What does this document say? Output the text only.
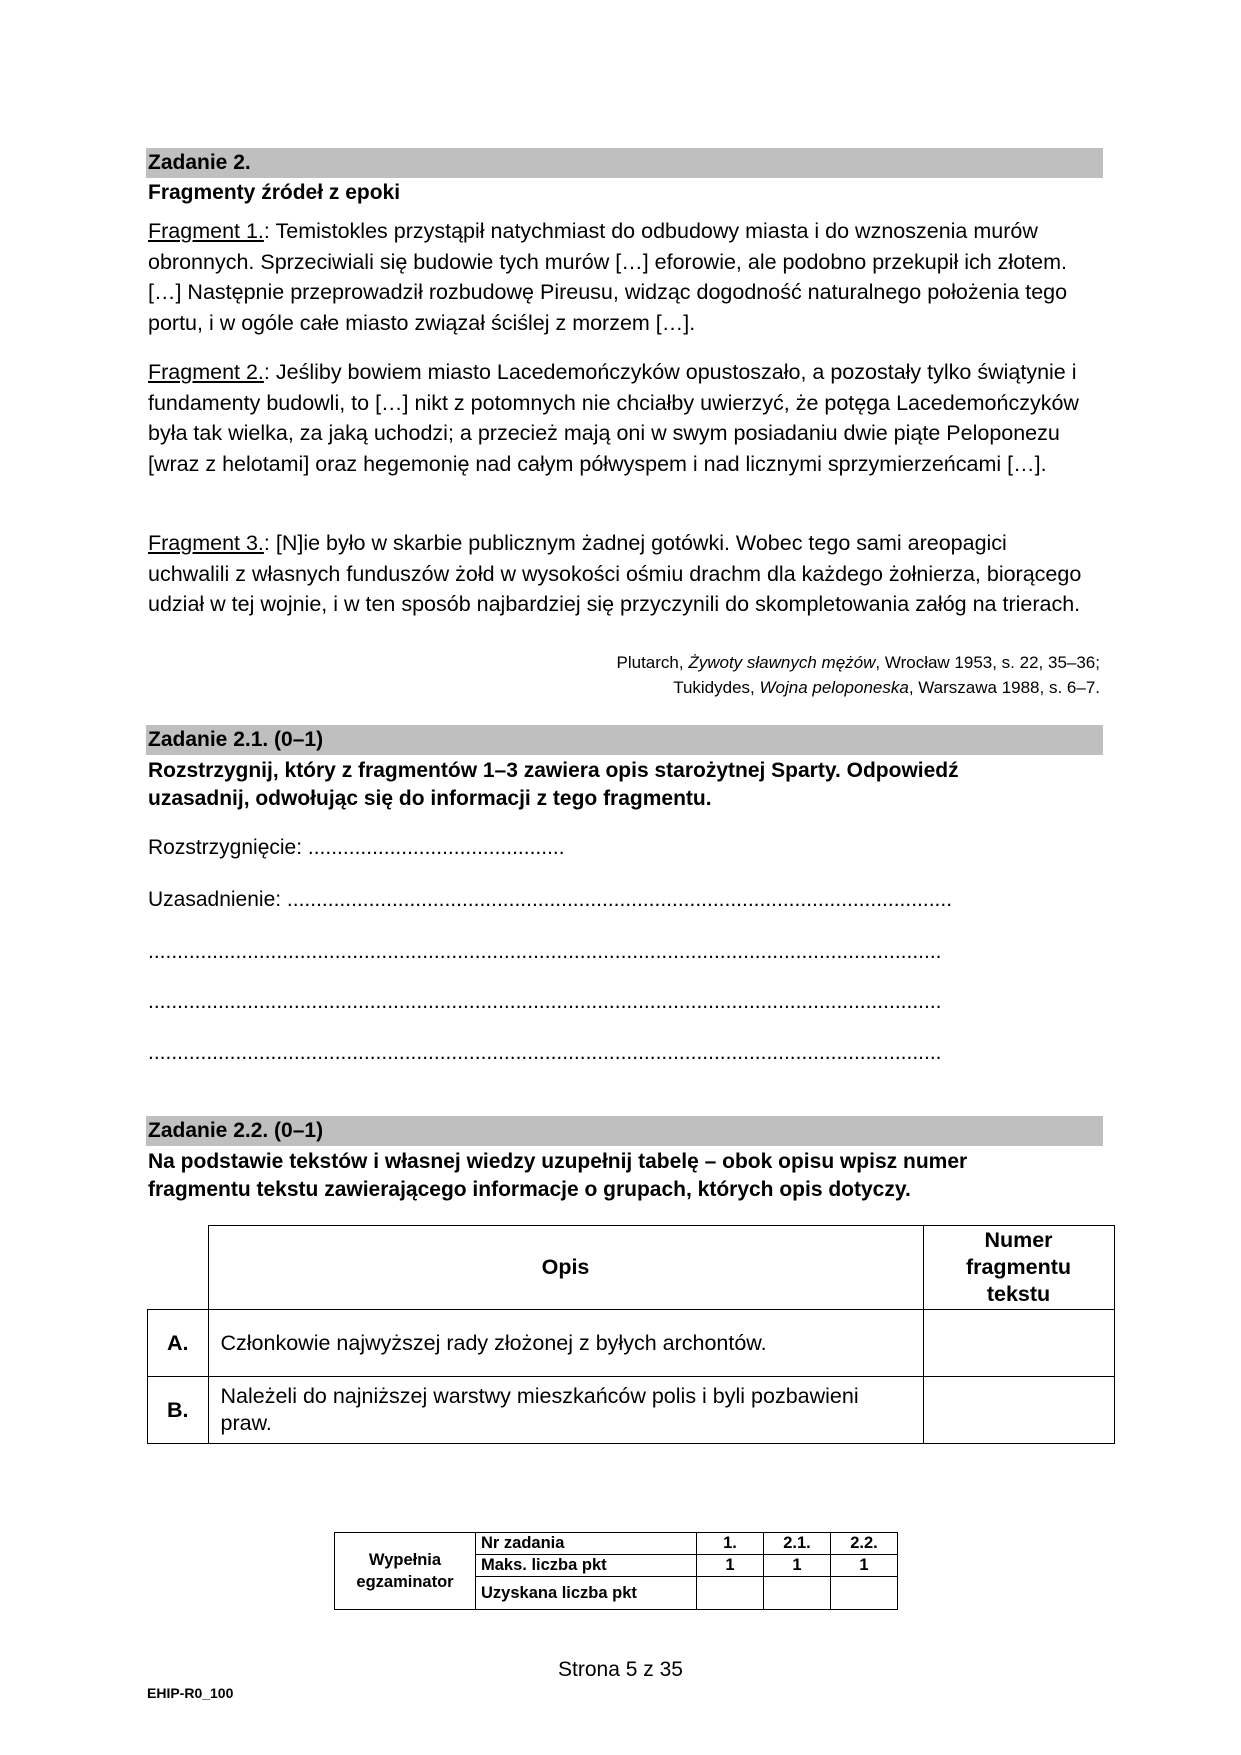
Zadanie 2.
Fragmenty źródeł z epoki
Fragment 1.: Temistokles przystąpił natychmiast do odbudowy miasta i do wznoszenia murów obronnych. Sprzeciwiali się budowie tych murów […] eforowie, ale podobno przekupił ich złotem. […] Następnie przeprowadził rozbudowę Pireusu, widząc dogodność naturalnego położenia tego portu, i w ogóle całe miasto związał ściślej z morzem […].
Fragment 2.: Jeśliby bowiem miasto Lacedemończyków opustoszało, a pozostały tylko świątynie i fundamenty budowli, to […] nikt z potomnych nie chciałby uwierzyć, że potęga Lacedemończyków była tak wielka, za jaką uchodzi; a przecież mają oni w swym posiadaniu dwie piąte Peloponezu [wraz z helotami] oraz hegemonię nad całym półwyspem i nad licznymi sprzymierzeńcami […].
Fragment 3.: [N]ie było w skarbie publicznym żadnej gotówki. Wobec tego sami areopagici uchwalili z własnych funduszów żołd w wysokości ośmiu drachm dla każdego żołnierza, biorącego udział w tej wojnie, i w ten sposób najbardziej się przyczynili do skompletowania załóg na trierach.
Plutarch, Żywoty sławnych mężów, Wrocław 1953, s. 22, 35–36;
Tukidydes, Wojna peloponeska, Warszawa 1988, s. 6–7.
Zadanie 2.1. (0–1)
Rozstrzygnij, który z fragmentów 1–3 zawiera opis starożytnej Sparty. Odpowiedź
uzasadnij, odwołując się do informacji z tego fragmentu.
Rozstrzygnięcie: ............................................
Uzasadnienie: ..................................................................................................................
........................................................................................................................................
........................................................................................................................................
........................................................................................................................................
Zadanie 2.2. (0–1)
Na podstawie tekstów i własnej wiedzy uzupełnij tabelę – obok opisu wpisz numer
fragmentu tekstu zawierającego informacje o grupach, których opis dotyczy.
	Opis	Numer
fragmentu
tekstu

A.	Członkowie najwyższej rady złożonej z byłych archontów.	
B.	Należeli do najniższej warstwy mieszkańców polis i byli pozbawieni praw.	
Wypełnia
egzaminator	Nr zadania	1.	2.1.	2.2.
	Maks. liczba pkt	1	1	1
	Uzyskana liczba pkt			
Strona 5 z 35
EHIP-R0_100
